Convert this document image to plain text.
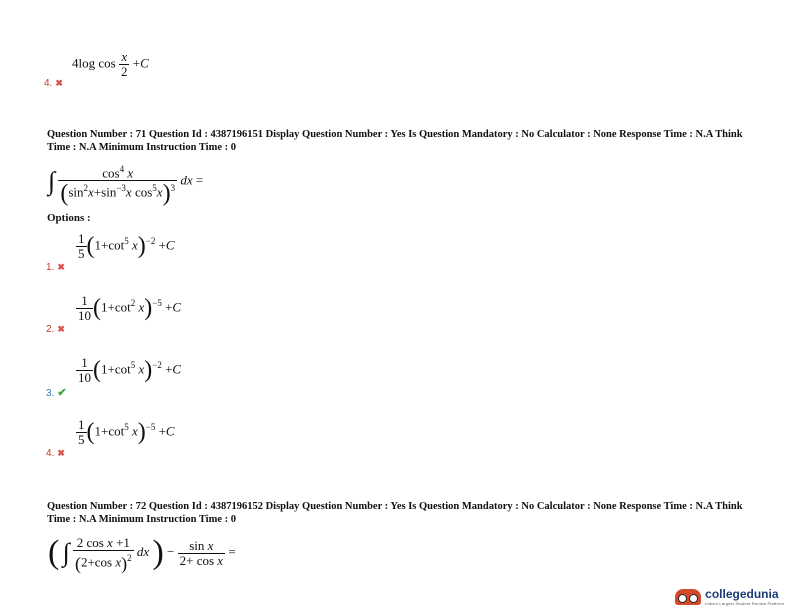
4log $\cos \frac{x}{2} +C$
4. ✖
Question Number : 71 Question Id : 4387196151 Display Question Number : Yes Is Question Mandatory : No Calculator : None Response Time : N.A Think Time : N.A Minimum Instruction Time : 0
∫ $\frac{\cos^4 x}{(\sin^2x+\sin^{-3}x \cos^5x)^3}$ dx =
Options :
$\frac{1}{5} (1+\cot^5$ x)$^{-2}$ +C
1. ✖
$\frac{1}{10} (1+\cot^2$ x)$^{-5}$ +C
2. ✖
$\frac{1}{10} (1+\cot^5$ x)$^{-2}$ +C
3. ✔
$\frac{1}{5} (1+\cot^5$ x)$^{-5}$ +C
4. ✖
Question Number : 72 Question Id : 4387196152 Display Question Number : Yes Is Question Mandatory : No Calculator : None Response Time : N.A Think Time : N.A Minimum Instruction Time : 0
( ∫ $\frac{\text{2 cos x +1}}{(2+\cos x)^2}$ dx ) − $\frac{\text{sin x}}{\text{2+ cos x}}$ =
collegedunia
India's Largest Student Review Platform
